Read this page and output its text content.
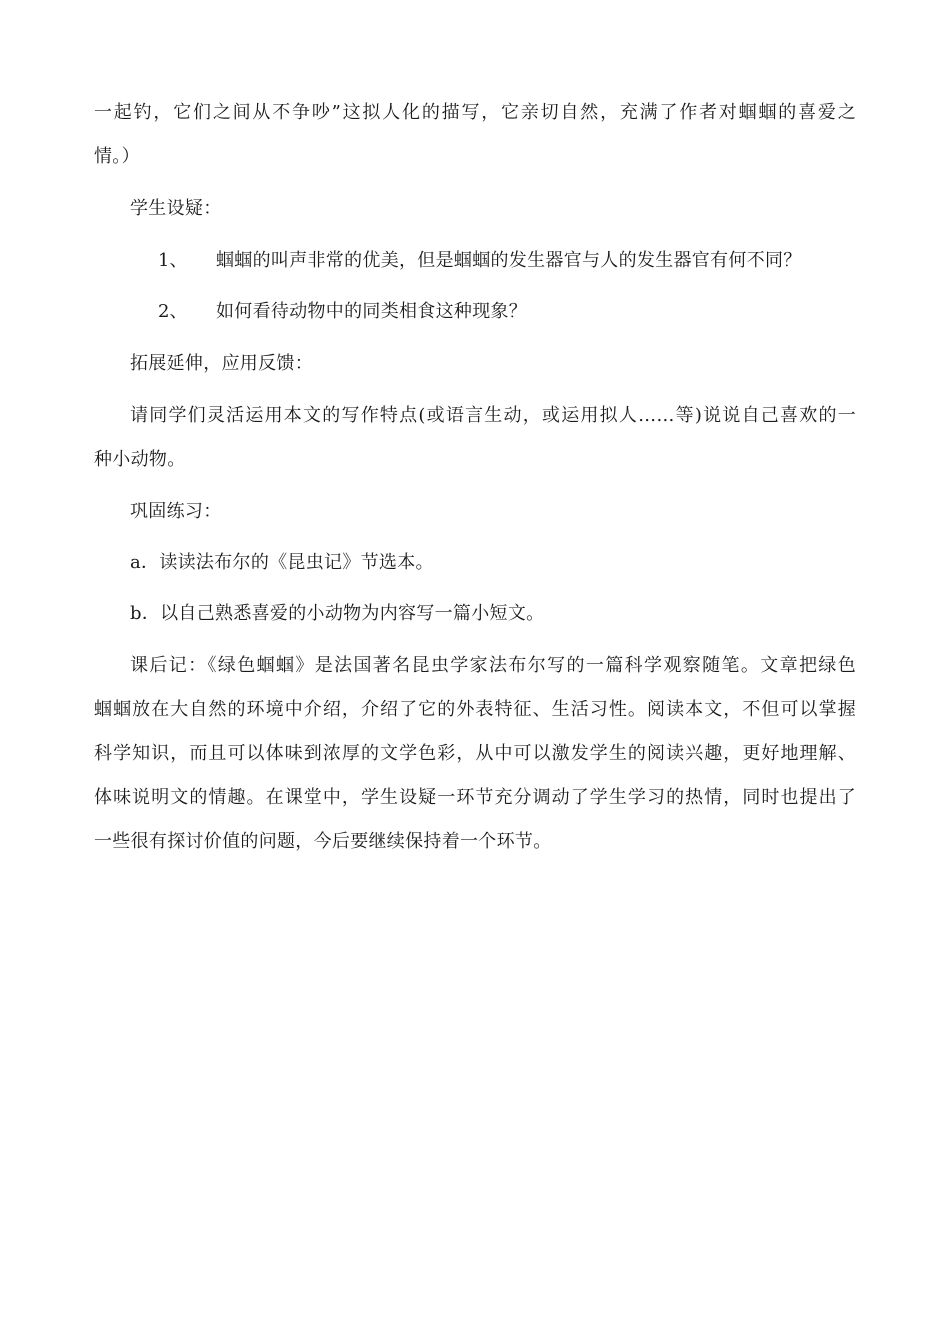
一起钓，它们之间从不争吵”这拟人化的描写，它亲切自然，充满了作者对蝈蝈的喜爱之
情。）
学生设疑：
1、 蝈蝈的叫声非常的优美，但是蝈蝈的发生器官与人的发生器官有何不同？
2、 如何看待动物中的同类相食这种现象？
拓展延伸，应用反馈：
请同学们灵活运用本文的写作特点(或语言生动，或运用拟人……等)说说自己喜欢的一
种小动物。
巩固练习：
a．读读法布尔的《昆虫记》节选本。
b．以自己熟悉喜爱的小动物为内容写一篇小短文。
课后记：《绿色蝈蝈》是法国著名昆虫学家法布尔写的一篇科学观察随笔。文章把绿色
蝈蝈放在大自然的环境中介绍，介绍了它的外表特征、生活习性。阅读本文，不但可以掌握
科学知识，而且可以体味到浓厚的文学色彩，从中可以激发学生的阅读兴趣，更好地理解、
体味说明文的情趣。在课堂中，学生设疑一环节充分调动了学生学习的热情，同时也提出了
一些很有探讨价值的问题，今后要继续保持着一个环节。
